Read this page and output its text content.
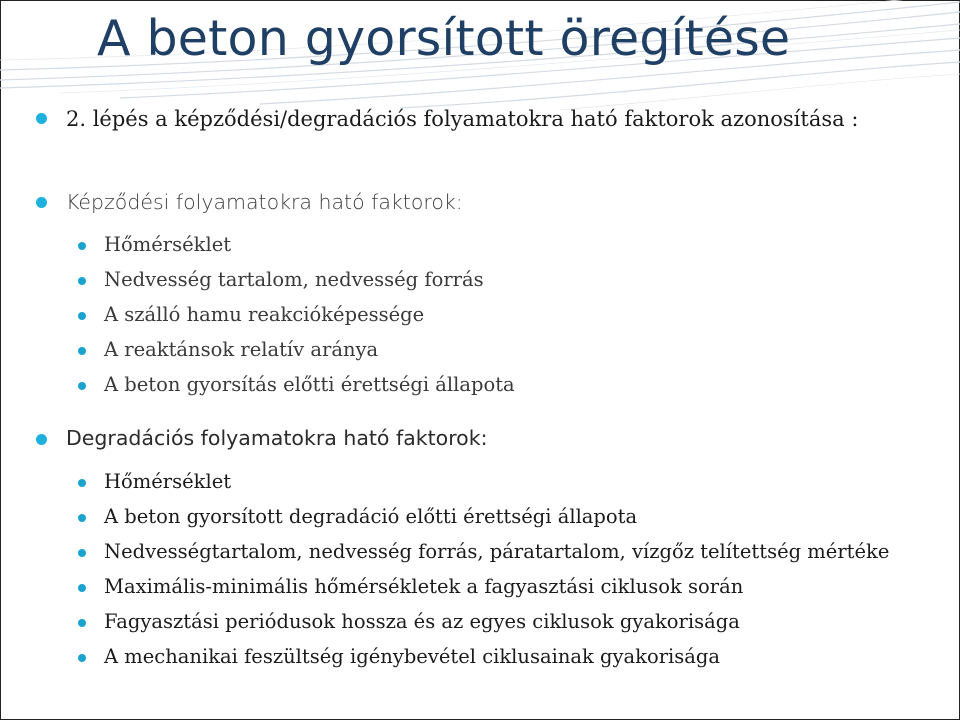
A beton gyorsított öregítése
2. lépés a képződési/degradációs folyamatokra ható faktorok azonosítása :
Képződési folyamatokra ható faktorok:
Hőmérséklet
Nedvesség tartalom, nedvesség forrás
A szálló hamu reakcióképessége
A reaktánsok relatív aránya
A beton gyorsítás előtti érettségi állapota
Degradációs folyamatokra ható faktorok:
Hőmérséklet
A beton gyorsított degradáció előtti érettségi állapota
Nedvességtartalom, nedvesség forrás, páratartalom, vízgőz telítettség mértéke
Maximális-minimális hőmérsékletek a fagyasztási ciklusok során
Fagyasztási periódusok hossza és az egyes ciklusok gyakorisága
A mechanikai feszültség igénybevétel ciklusainak gyakorisága
